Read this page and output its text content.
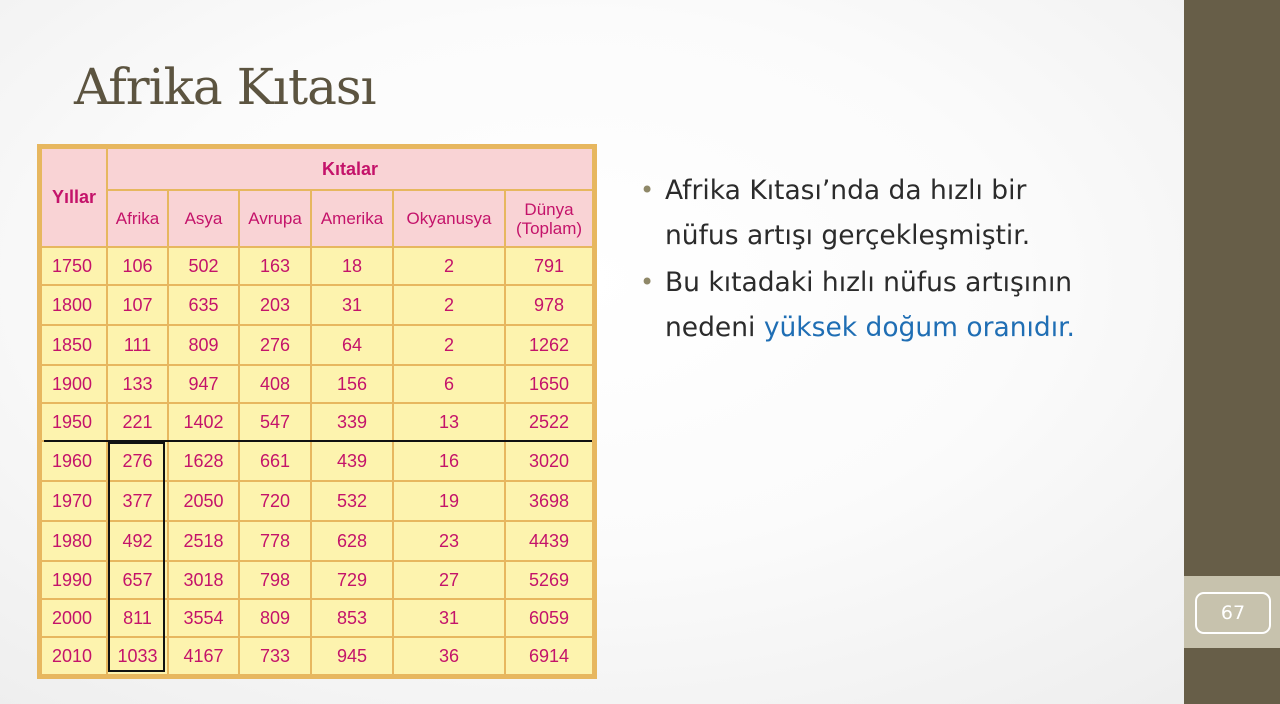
67
Afrika Kıtası
Yıllar	Kıtalar					
	Afrika	Asya	Avrupa	Amerika	Okyanusya	Dünya (Toplam)
1750	106	502	163	18	2	791
1800	107	635	203	31	2	978
1850	111	809	276	64	2	1262
1900	133	947	408	156	6	1650
1950	221	1402	547	339	13	2522
1960	276	1628	661	439	16	3020
1970	377	2050	720	532	19	3698
1980	492	2518	778	628	23	4439
1990	657	3018	798	729	27	5269
2000	811	3554	809	853	31	6059
2010	1033	4167	733	945	36	6914
• Afrika Kıtası’nda da hızlı bir nüfus artışı gerçekleşmiştir.
• Bu kıtadaki hızlı nüfus artışının nedeni yüksek doğum oranıdır.
